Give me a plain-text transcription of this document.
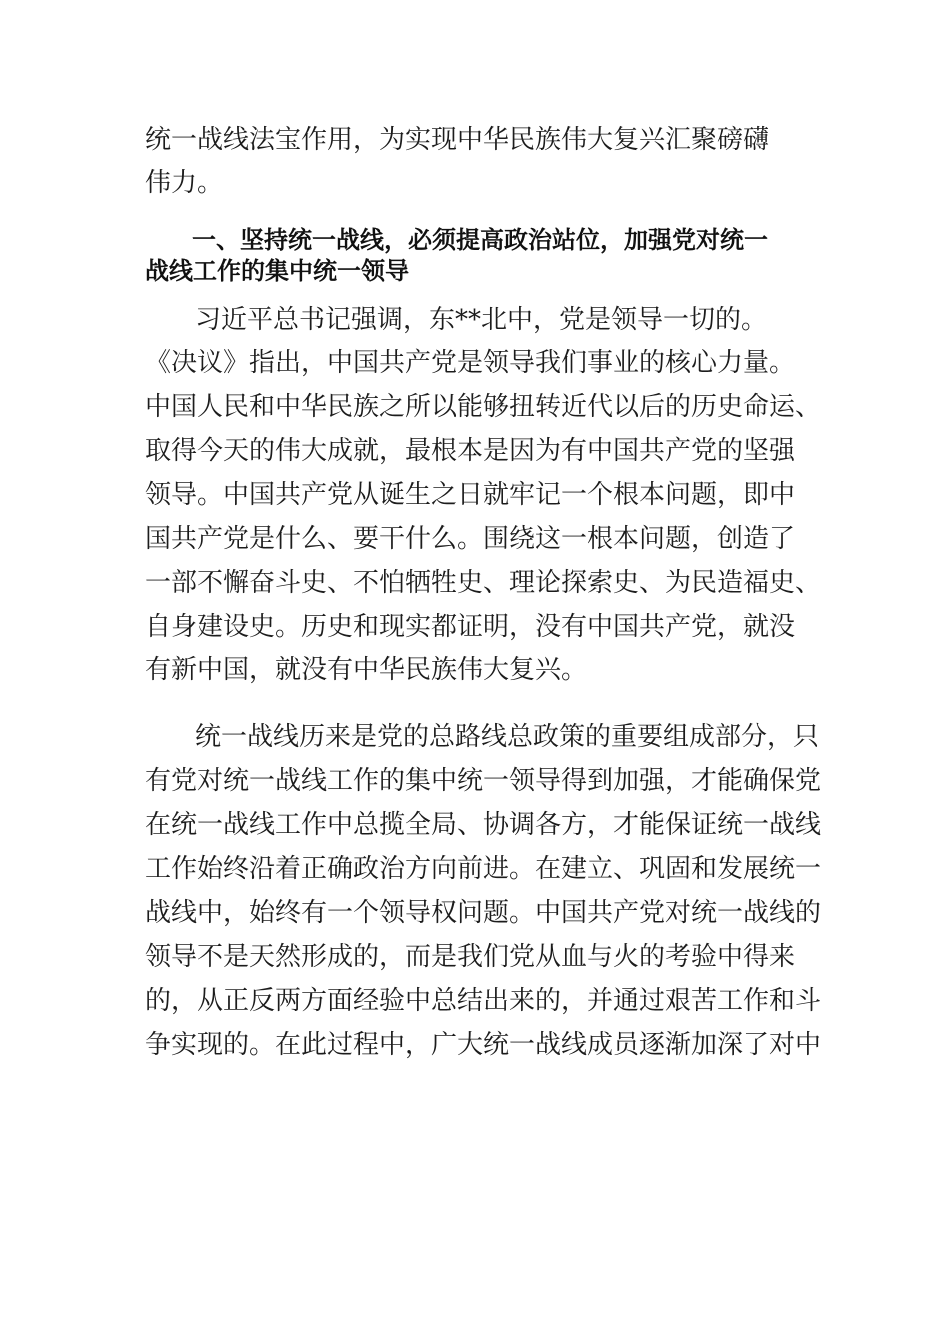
统一战线法宝作用，为实现中华民族伟大复兴汇聚磅礴
伟力。
一、坚持统一战线，必须提高政治站位，加强党对统一
战线工作的集中统一领导
习近平总书记强调，东**北中，党是领导一切的。
《决议》指出，中国共产党是领导我们事业的核心力量。
中国人民和中华民族之所以能够扭转近代以后的历史命运、
取得今天的伟大成就，最根本是因为有中国共产党的坚强
领导。中国共产党从诞生之日就牢记一个根本问题，即中
国共产党是什么、要干什么。围绕这一根本问题，创造了
一部不懈奋斗史、不怕牺牲史、理论探索史、为民造福史、
自身建设史。历史和现实都证明，没有中国共产党，就没
有新中国，就没有中华民族伟大复兴。
统一战线历来是党的总路线总政策的重要组成部分，只
有党对统一战线工作的集中统一领导得到加强，才能确保党
在统一战线工作中总揽全局、协调各方，才能保证统一战线
工作始终沿着正确政治方向前进。在建立、巩固和发展统一
战线中，始终有一个领导权问题。中国共产党对统一战线的
领导不是天然形成的，而是我们党从血与火的考验中得来
的，从正反两方面经验中总结出来的，并通过艰苦工作和斗
争实现的。在此过程中，广大统一战线成员逐渐加深了对中
